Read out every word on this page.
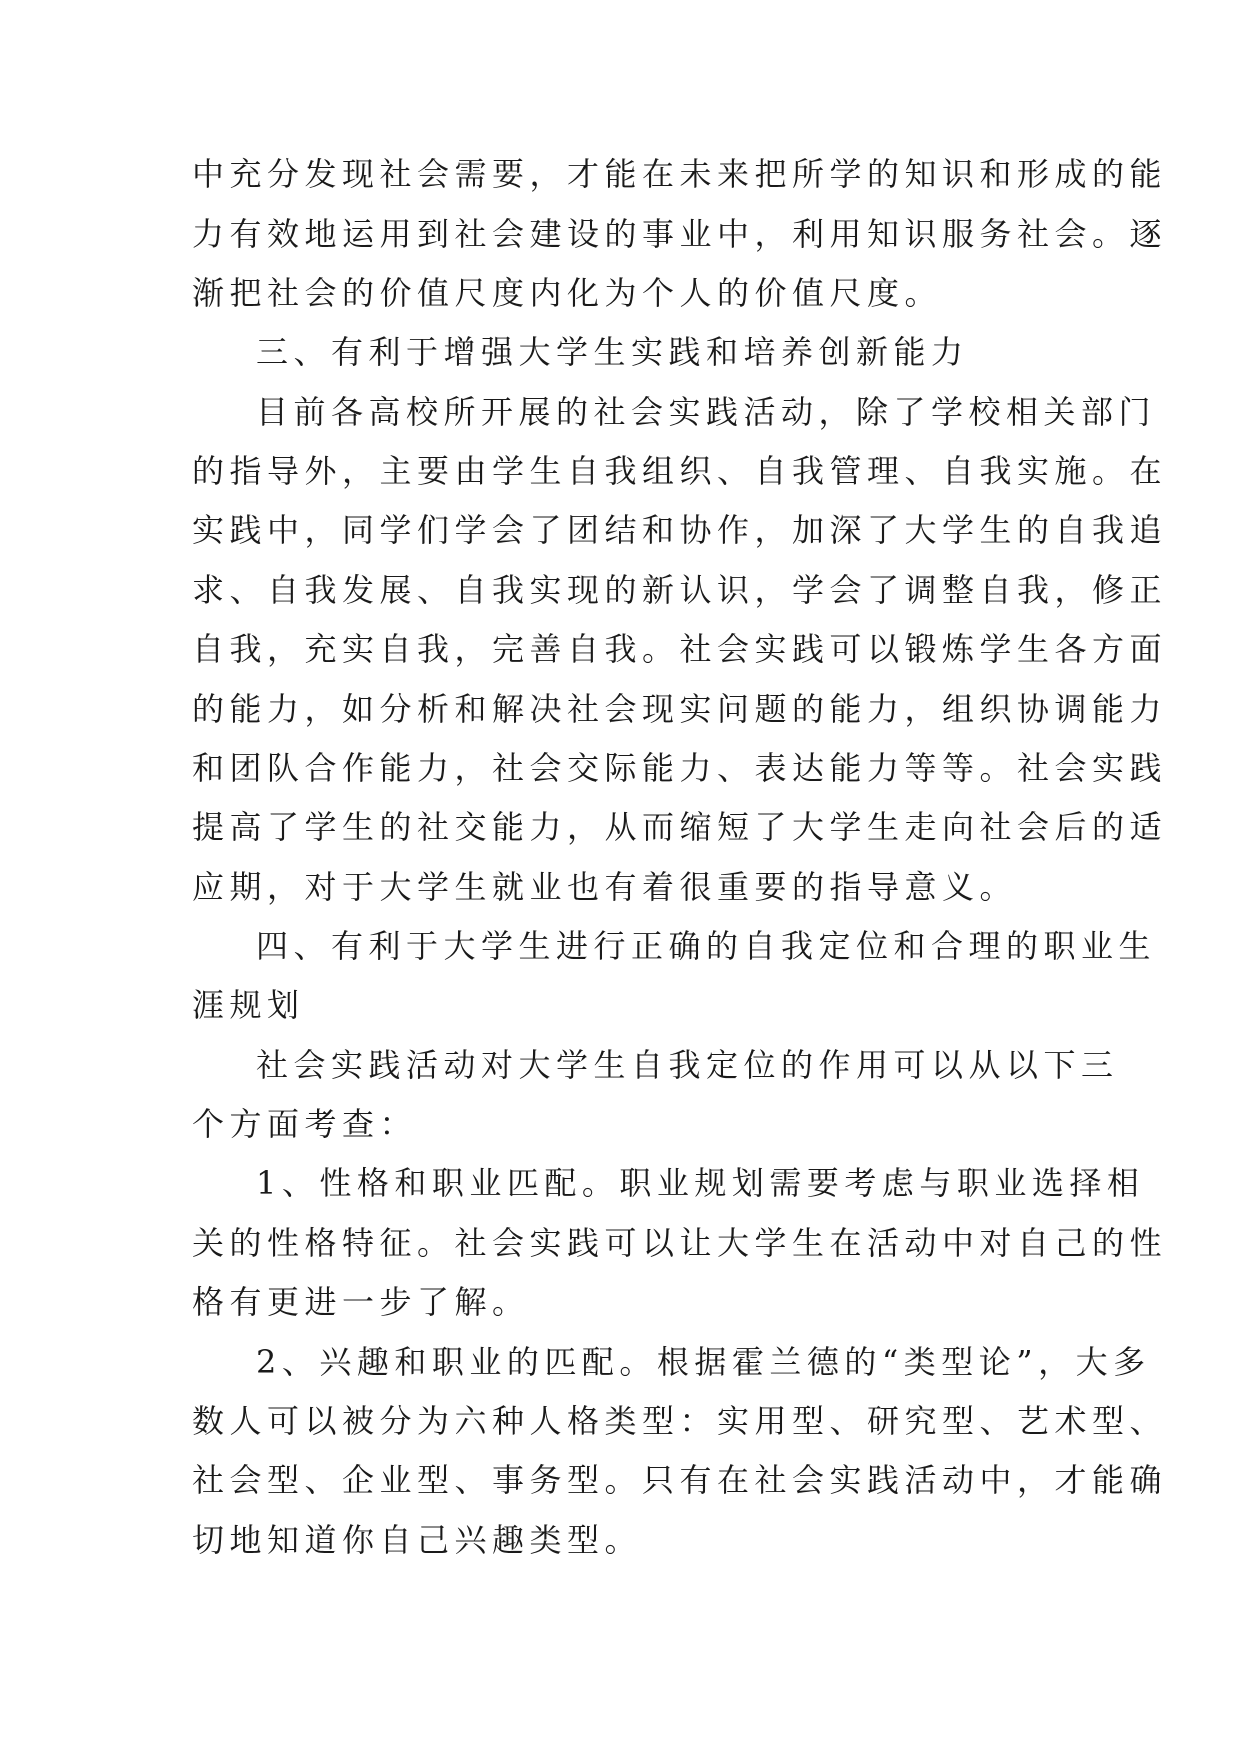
中充分发现社会需要，才能在未来把所学的知识和形成的能
力有效地运用到社会建设的事业中，利用知识服务社会。逐
渐把社会的价值尺度内化为个人的价值尺度。
三、有利于增强大学生实践和培养创新能力
目前各高校所开展的社会实践活动，除了学校相关部门
的指导外，主要由学生自我组织、自我管理、自我实施。在
实践中，同学们学会了团结和协作，加深了大学生的自我追
求、自我发展、自我实现的新认识，学会了调整自我，修正
自我，充实自我，完善自我。社会实践可以锻炼学生各方面
的能力，如分析和解决社会现实问题的能力，组织协调能力
和团队合作能力，社会交际能力、表达能力等等。社会实践
提高了学生的社交能力，从而缩短了大学生走向社会后的适
应期，对于大学生就业也有着很重要的指导意义。
四、有利于大学生进行正确的自我定位和合理的职业生
涯规划
社会实践活动对大学生自我定位的作用可以从以下三
个方面考查：
1、性格和职业匹配。职业规划需要考虑与职业选择相
关的性格特征。社会实践可以让大学生在活动中对自己的性
格有更进一步了解。
2、兴趣和职业的匹配。根据霍兰德的“类型论”，大多
数人可以被分为六种人格类型：实用型、研究型、艺术型、
社会型、企业型、事务型。只有在社会实践活动中，才能确
切地知道你自己兴趣类型。
